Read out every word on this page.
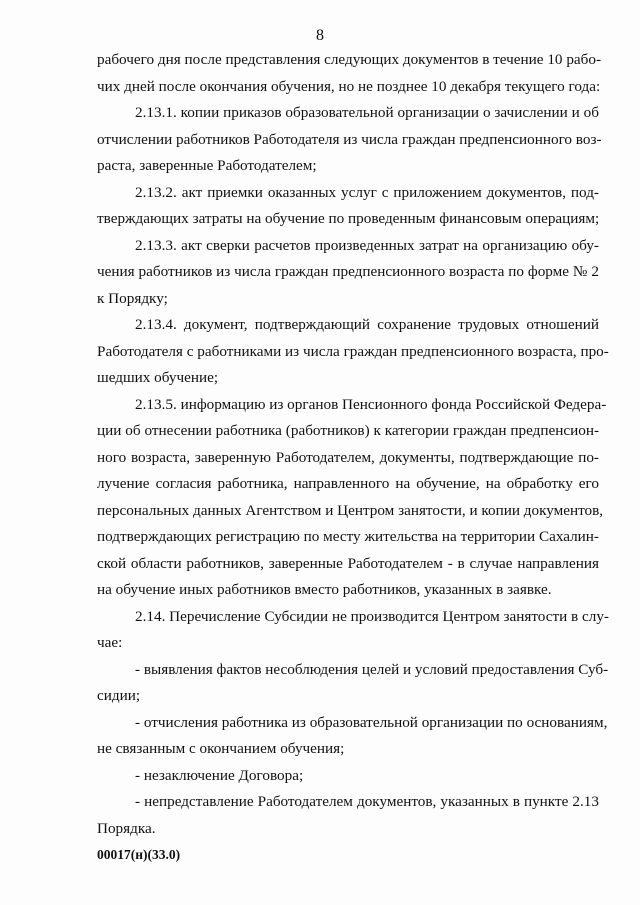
8
рабочего дня после представления следующих документов в течение 10 рабо-
чих дней после окончания обучения, но не позднее 10 декабря текущего года:
2.13.1. копии приказов образовательной организации о зачислении и об
отчислении работников Работодателя из числа граждан предпенсионного воз-
раста, заверенные Работодателем;
2.13.2. акт приемки оказанных услуг с приложением документов, под-
тверждающих затраты на обучение по проведенным финансовым операциям;
2.13.3. акт сверки расчетов произведенных затрат на организацию обу-
чения работников из числа граждан предпенсионного возраста по форме № 2
к Порядку;
2.13.4. документ, подтверждающий сохранение трудовых отношений
Работодателя с работниками из числа граждан предпенсионного возраста, про-
шедших обучение;
2.13.5. информацию из органов Пенсионного фонда Российской Федера-
ции об отнесении работника (работников) к категории граждан предпенсион-
ного возраста, заверенную Работодателем, документы, подтверждающие по-
лучение согласия работника, направленного на обучение, на обработку его
персональных данных Агентством и Центром занятости, и копии документов,
подтверждающих регистрацию по месту жительства на территории Сахалин-
ской области работников, заверенные Работодателем - в случае направления
на обучение иных работников вместо работников, указанных в заявке.
2.14. Перечисление Субсидии не производится Центром занятости в слу-
чае:
- выявления фактов несоблюдения целей и условий предоставления Суб-
сидии;
- отчисления работника из образовательной организации по основаниям,
не связанным с окончанием обучения;
- незаключение Договора;
- непредставление Работодателем документов, указанных в пункте 2.13
Порядка.
00017(н)(33.0)
